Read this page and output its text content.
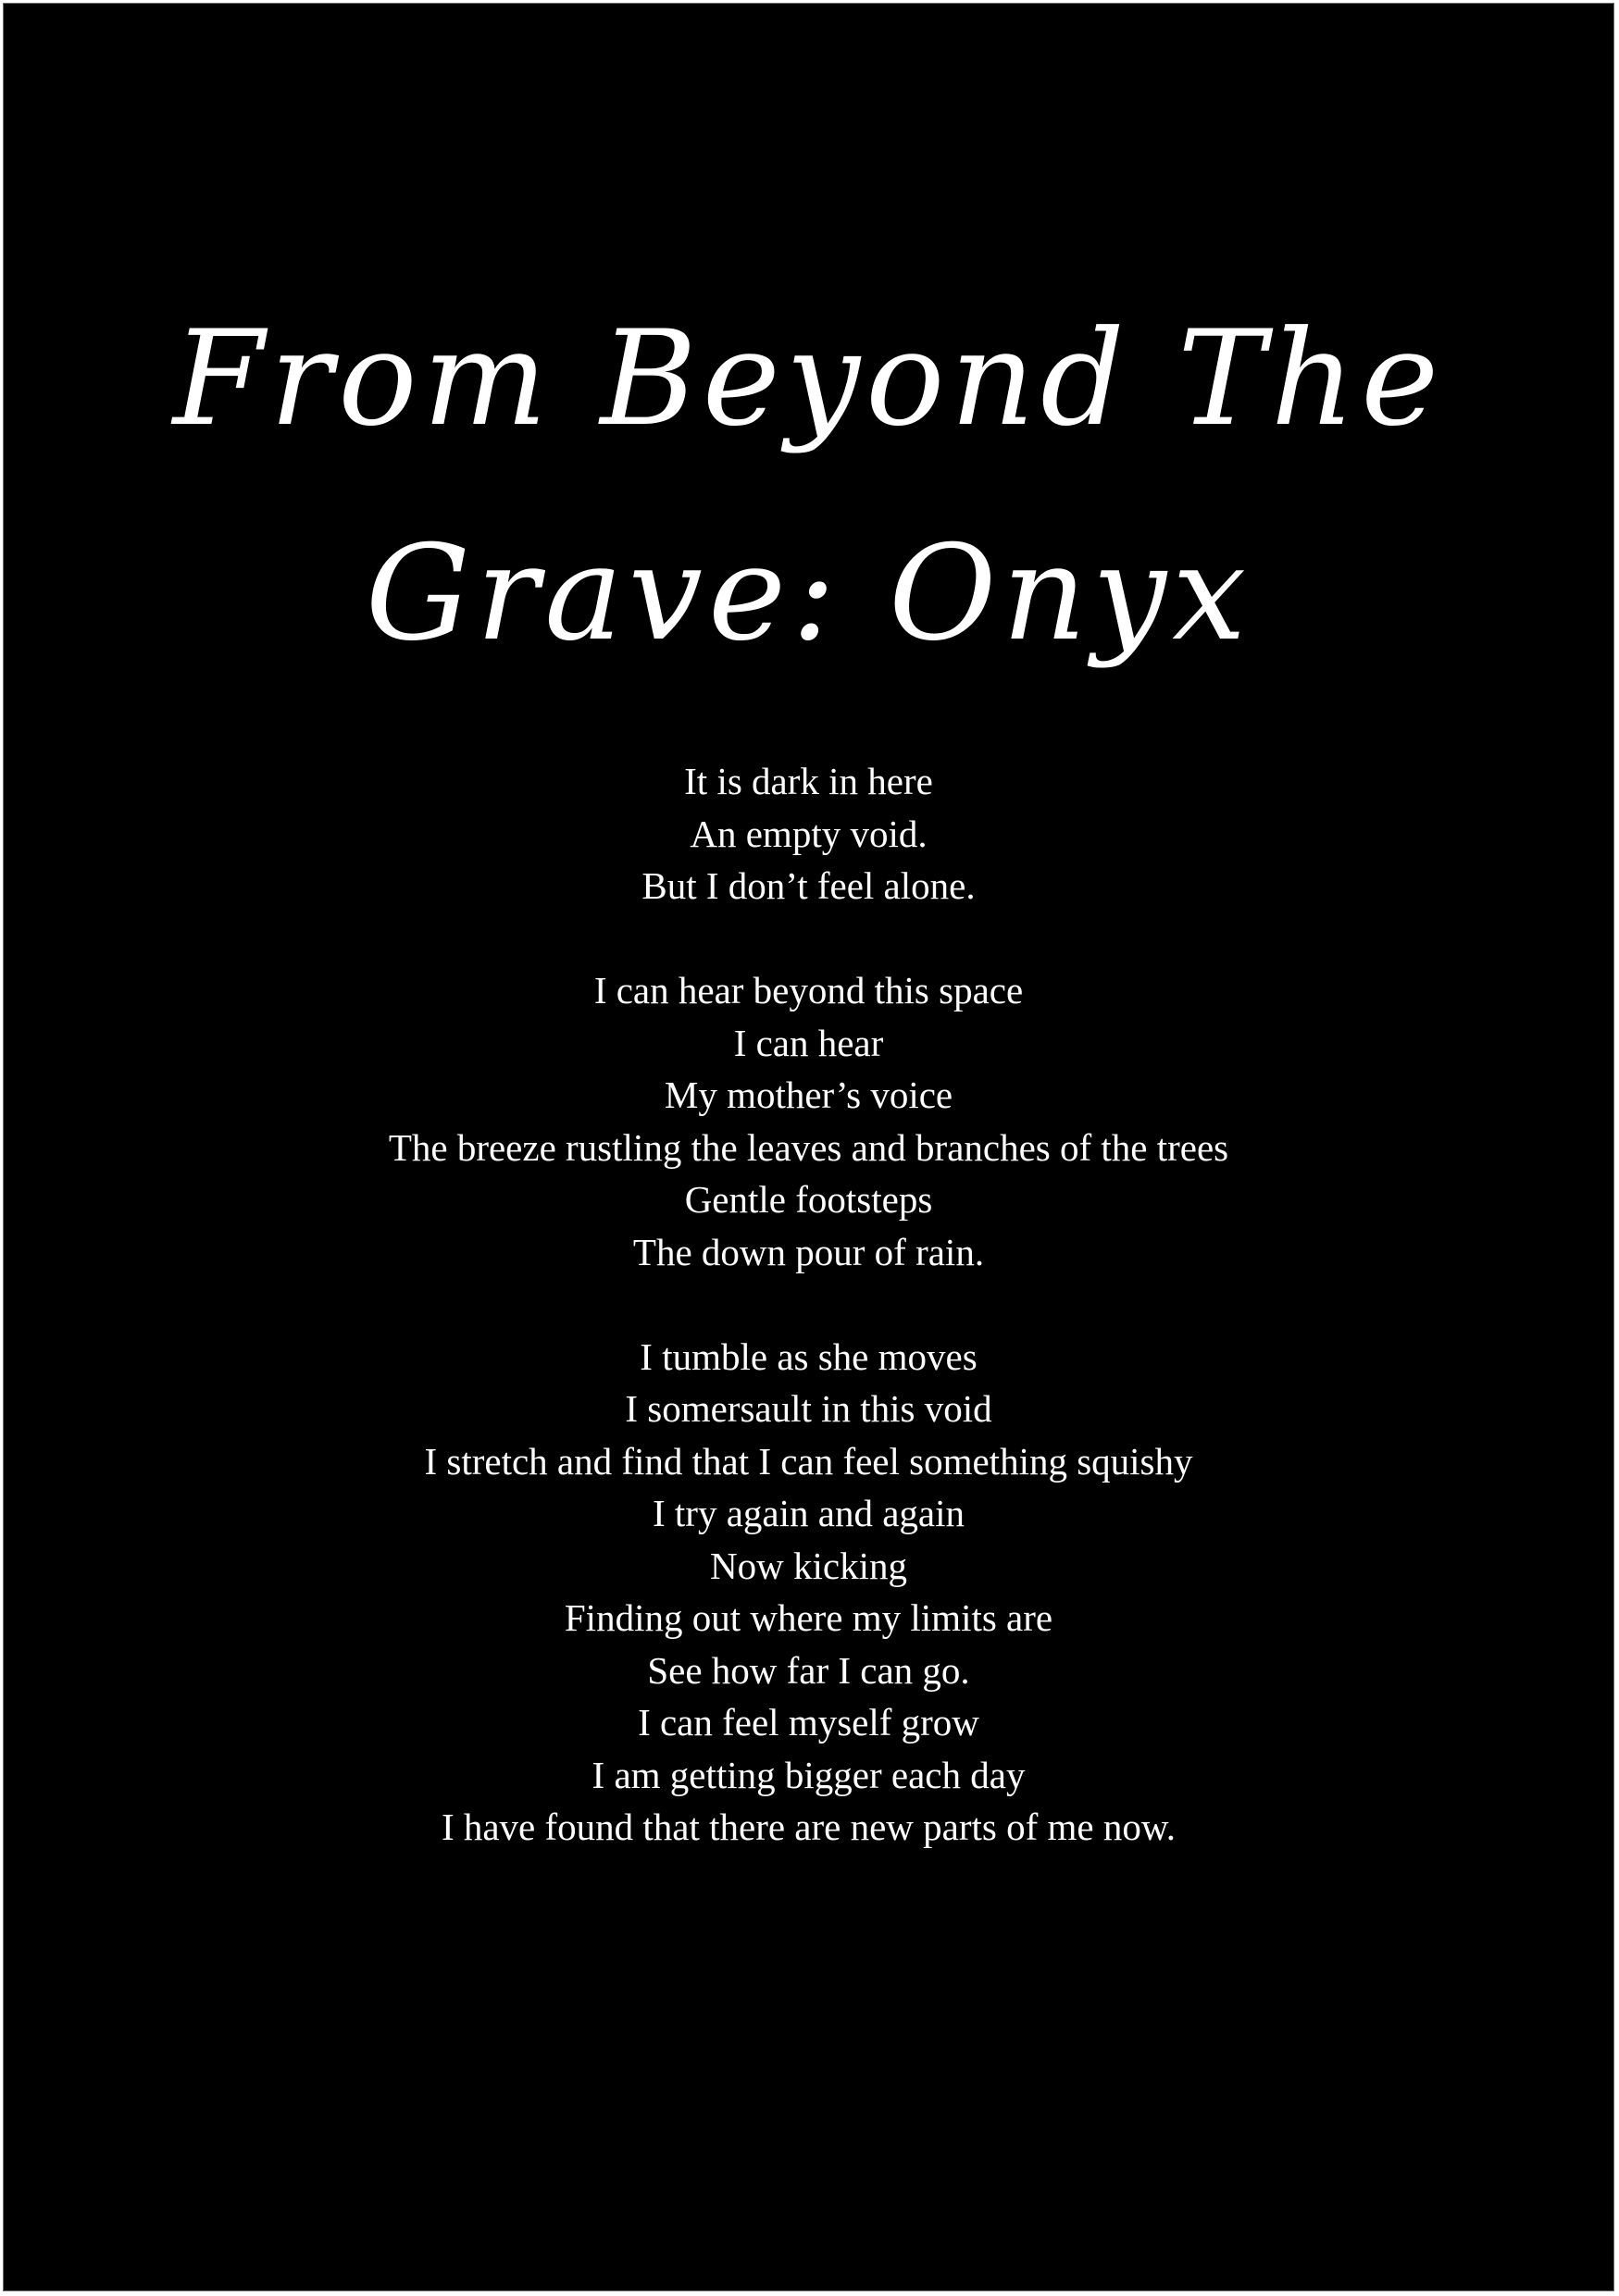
From Beyond The
Grave: Onyx
It is dark in here
An empty void.
But I don’t feel alone.
I can hear beyond this space
I can hear
My mother’s voice
The breeze rustling the leaves and branches of the trees
Gentle footsteps
The down pour of rain.
I tumble as she moves
I somersault in this void
I stretch and find that I can feel something squishy
I try again and again
Now kicking
Finding out where my limits are
See how far I can go.
I can feel myself grow
I am getting bigger each day
I have found that there are new parts of me now.
